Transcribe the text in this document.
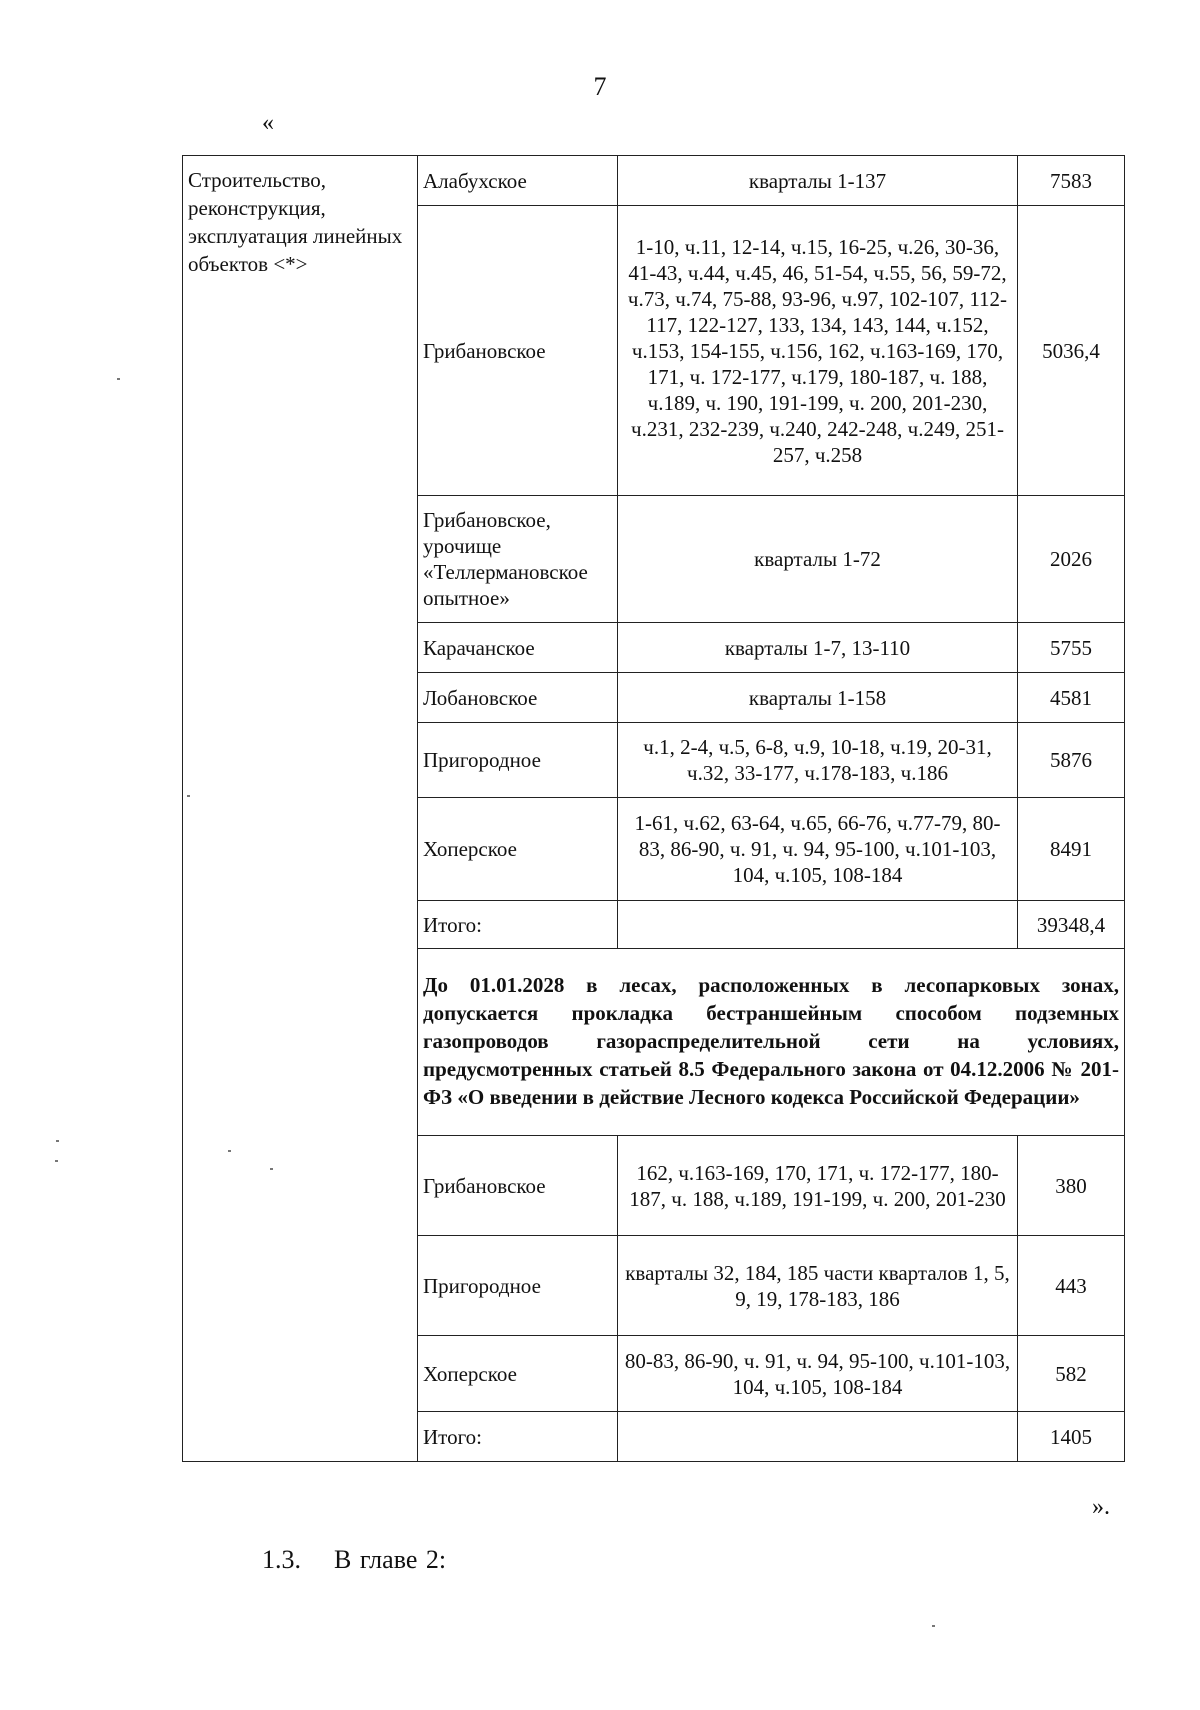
7
«
Строительство, реконструкция, эксплуатация линейных объектов <*>	Алабухское	кварталы 1-137	7583
	Грибановское	1-10, ч.11, 12-14, ч.15, 16-25, ч.26, 30-36, 41-43, ч.44, ч.45, 46, 51-54, ч.55, 56, 59-72, ч.73, ч.74, 75-88, 93-96, ч.97, 102-107, 112-117, 122-127, 133, 134, 143, 144, ч.152, ч.153, 154-155, ч.156, 162, ч.163-169, 170, 171, ч. 172-177, ч.179, 180-187, ч. 188, ч.189, ч. 190, 191-199, ч. 200, 201-230, ч.231, 232-239, ч.240, 242-248, ч.249, 251-257, ч.258	5036,4
	Грибановское, урочище «Теллермановское опытное»	кварталы 1-72	2026
	Карачанское	кварталы 1-7, 13-110	5755
	Лобановское	кварталы 1-158	4581
	Пригородное	ч.1, 2-4, ч.5, 6-8, ч.9, 10-18, ч.19, 20-31, ч.32, 33-177, ч.178-183, ч.186	5876
	Хоперское	1-61, ч.62, 63-64, ч.65, 66-76, ч.77-79, 80-83, 86-90, ч. 91, ч. 94, 95-100, ч.101-103, 104, ч.105, 108-184	8491
	Итого:		39348,4
	До 01.01.2028 в лесах, расположенных в лесопарковых зонах, допускается прокладка бестраншейным способом подземных газопроводов газораспределительной сети на условиях, предусмотренных статьей 8.5 Федерального закона от 04.12.2006 № 201-ФЗ «О введении в действие Лесного кодекса Российской Федерации»		
	Грибановское	162, ч.163-169, 170, 171, ч. 172-177, 180-187, ч. 188, ч.189, 191-199, ч. 200, 201-230	380
	Пригородное	кварталы 32, 184, 185 части кварталов 1, 5, 9, 19, 178-183, 186	443
	Хоперское	80-83, 86-90, ч. 91, ч. 94, 95-100, ч.101-103, 104, ч.105, 108-184	582
	Итого:		1405
».
1.3. В главе 2:
